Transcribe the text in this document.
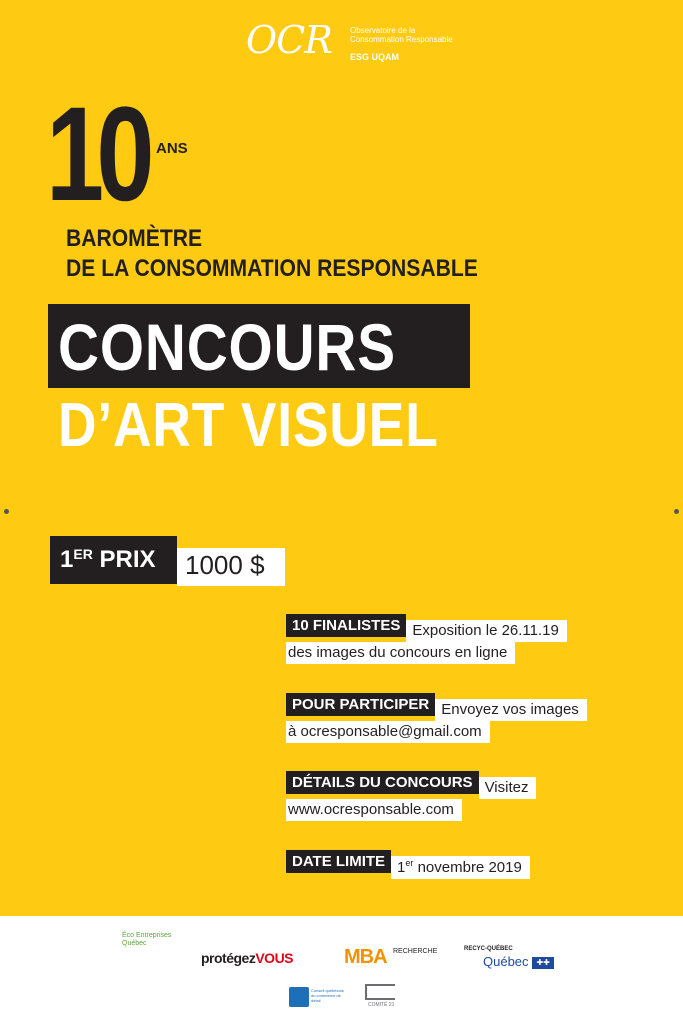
OCR Observatoire de la
Consommation Responsable
ESG UQAM
10 ANS
BAROMÈTRE
DE LA CONSOMMATION RESPONSABLE
CONCOURS
D’ART VISUEL
1ER PRIX	1000 $
10 FINALISTES Exposition le 26.11.19
des images du concours en ligne
POUR PARTICIPER Envoyez vos images
à ocresponsable@gmail.com
DÉTAILS DU CONCOURS Visitez
www.ocresponsable.com
DATE LIMITE 1er novembre 2019
Éco Entreprises Québec
protégezVOUS	MBA RECHERCHE	RECYC-QUÉBEC
Québec ✚✚
Conseil québécois du commerce de détail
COMITÉ 21
